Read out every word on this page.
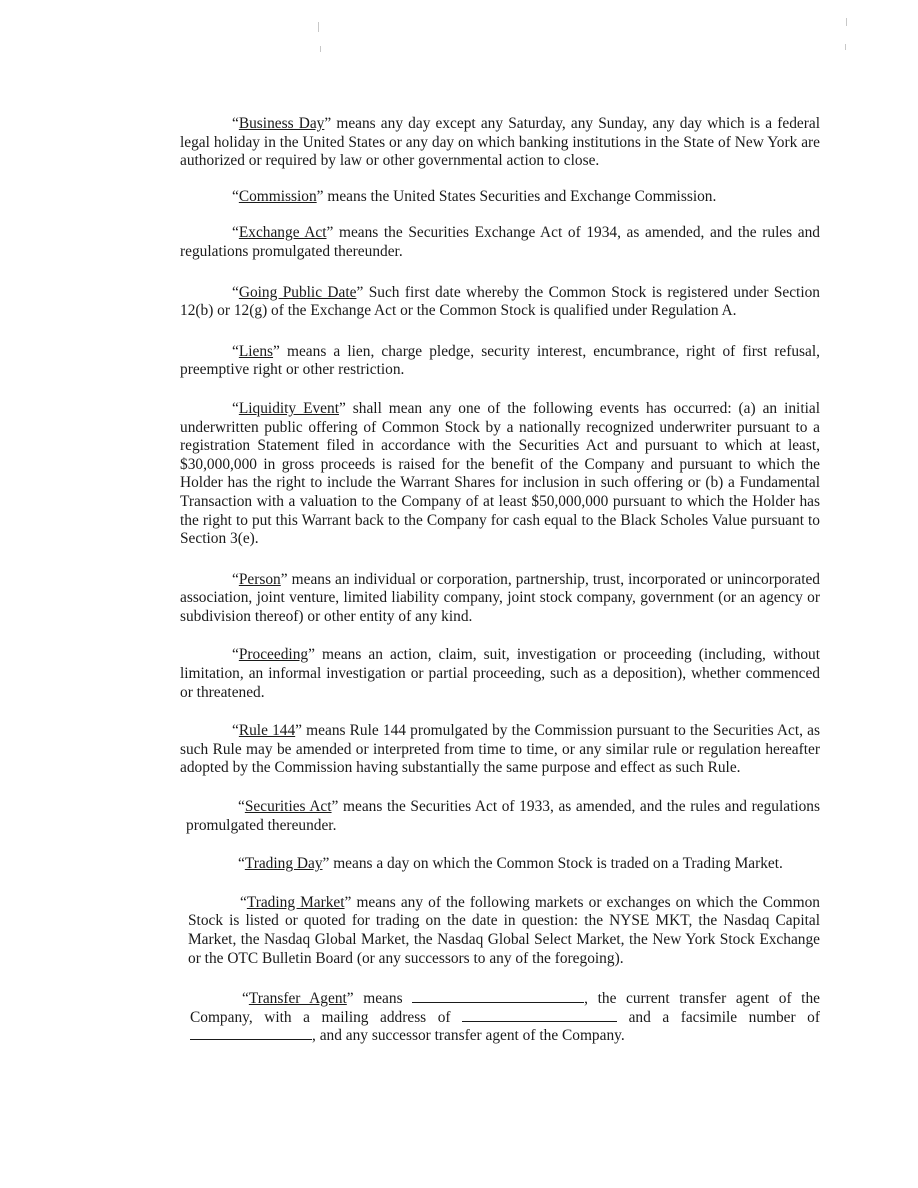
“Business Day” means any day except any Saturday, any Sunday, any day which is a federal legal holiday in the United States or any day on which banking institutions in the State of New York are authorized or required by law or other governmental action to close.

“Commission” means the United States Securities and Exchange Commission.

“Exchange Act” means the Securities Exchange Act of 1934, as amended, and the rules and regulations promulgated thereunder.

“Going Public Date” Such first date whereby the Common Stock is registered under Section 12(b) or 12(g) of the Exchange Act or the Common Stock is qualified under Regulation A.

“Liens” means a lien, charge pledge, security interest, encumbrance, right of first refusal, preemptive right or other restriction.

“Liquidity Event” shall mean any one of the following events has occurred: (a) an initial underwritten public offering of Common Stock by a nationally recognized underwriter pursuant to a registration Statement filed in accordance with the Securities Act and pursuant to which at least, $30,000,000 in gross proceeds is raised for the benefit of the Company and pursuant to which the Holder has the right to include the Warrant Shares for inclusion in such offering or (b) a Fundamental Transaction with a valuation to the Company of at least $50,000,000 pursuant to which the Holder has the right to put this Warrant back to the Company for cash equal to the Black Scholes Value pursuant to Section 3(e).

“Person” means an individual or corporation, partnership, trust, incorporated or unincorporated association, joint venture, limited liability company, joint stock company, government (or an agency or subdivision thereof) or other entity of any kind.

“Proceeding” means an action, claim, suit, investigation or proceeding (including, without limitation, an informal investigation or partial proceeding, such as a deposition), whether commenced or threatened.

“Rule 144” means Rule 144 promulgated by the Commission pursuant to the Securities Act, as such Rule may be amended or interpreted from time to time, or any similar rule or regulation hereafter adopted by the Commission having substantially the same purpose and effect as such Rule.

“Securities Act” means the Securities Act of 1933, as amended, and the rules and regulations promulgated thereunder.

“Trading Day” means a day on which the Common Stock is traded on a Trading Market.

“Trading Market” means any of the following markets or exchanges on which the Common Stock is listed or quoted for trading on the date in question: the NYSE MKT, the Nasdaq Capital Market, the Nasdaq Global Market, the Nasdaq Global Select Market, the New York Stock Exchange or the OTC Bulletin Board (or any successors to any of the foregoing).

“Transfer Agent” means	, the current transfer agent of the Company, with a mailing address of	and a facsimile number of , and any successor transfer agent of the Company.
